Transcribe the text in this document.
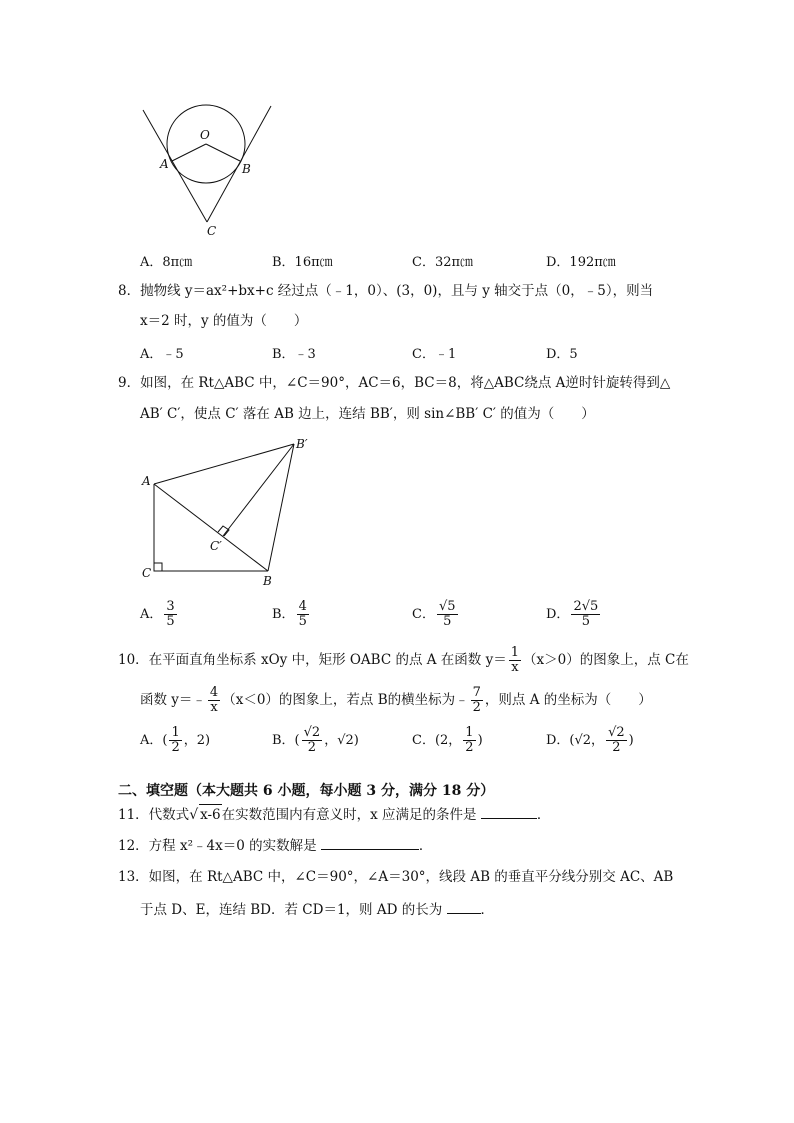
O
A	B
C
A．8π㎝	B．16π㎝	C．32π㎝	D．192π㎝
8．抛物线 y＝ax²+bx+c 经过点（﹣1，0）、(3，0)，且与 y 轴交于点（0，﹣5），则当
x＝2 时，y 的值为（　　）
A．﹣5	B．﹣3	C．﹣1	D．5
9．如图，在 Rt△ABC 中，∠C＝90°，AC＝6，BC＝8，将△ABC绕点 A逆时针旋转得到△
AB′ C′，使点 C′ 落在 AB 边上，连结 BB′，则 sin∠BB′ C′ 的值为（　　）
A
C
B
B′
C′
A． $\frac{3}{5}$	B． $\frac{4}{5}$	C． $\frac{√5}{5}$	D． $\frac{2√5}{5}$
10．在平面直角坐标系 xOy 中，矩形 OABC 的点 A 在函数 $y= \frac{1}{x} (x>0)$的图象上，点 C在
函数 y＝﹣ $\frac{4}{x} (x<0)$的图象上，若点 B的横坐标为﹣ $\frac{7}{2}$ ，则点 A 的坐标为（　　）
A．( $\frac{1}{2}$ ，2)	B．( $\frac{√2}{2}$ ，√2)	C．(2， $\frac{1}{2}$ )	D．(√2， $\frac{√2}{2}$ )
二、填空题（本大题共 6 小题，每小题 3 分，满分 18 分）
11．代数式√ x-6在实数范围内有意义时，x 应满足的条件是	．
12．方程 x²﹣4x＝0 的实数解是	．
13．如图，在 Rt△ABC 中，∠C＝90°，∠A＝30°，线段 AB 的垂直平分线分别交 AC、AB
于点 D、E，连结 BD．若 CD＝1，则 AD 的长为	．
